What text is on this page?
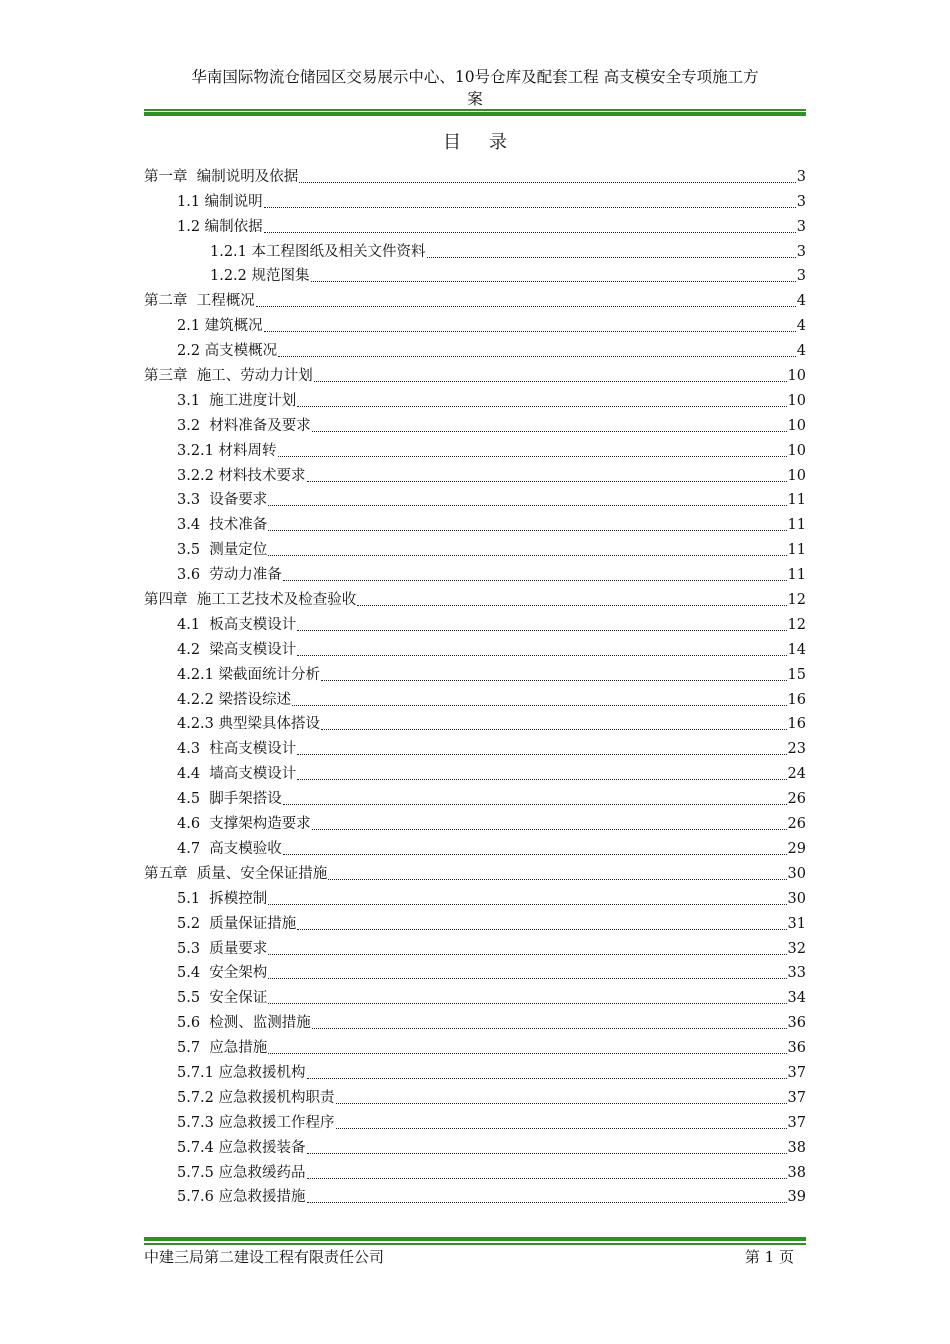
华南国际物流仓储园区交易展示中心、10号仓库及配套工程 高支模安全专项施工方
案
目录
第一章  编制说明及依据	3
1.1 编制说明	3
1.2 编制依据	3
1.2.1 本工程图纸及相关文件资料	3
1.2.2 规范图集	3
第二章  工程概况	4
2.1 建筑概况	4
2.2 高支模概况	4
第三章  施工、劳动力计划	10
3.1  施工进度计划	10
3.2  材料准备及要求	10
3.2.1 材料周转	10
3.2.2 材料技术要求	10
3.3  设备要求	11
3.4  技术准备	11
3.5  测量定位	11
3.6  劳动力准备	11
第四章  施工工艺技术及检查验收	12
4.1  板高支模设计	12
4.2  梁高支模设计	14
4.2.1 梁截面统计分析	15
4.2.2 梁搭设综述	16
4.2.3 典型梁具体搭设	16
4.3  柱高支模设计	23
4.4  墙高支模设计	24
4.5  脚手架搭设	26
4.6  支撑架构造要求	26
4.7  高支模验收	29
第五章  质量、安全保证措施	30
5.1  拆模控制	30
5.2  质量保证措施	31
5.3  质量要求	32
5.4  安全架构	33
5.5  安全保证	34
5.6  检测、监测措施	36
5.7  应急措施	36
5.7.1 应急救援机构	37
5.7.2 应急救援机构职责	37
5.7.3 应急救援工作程序	37
5.7.4 应急救援装备	38
5.7.5 应急救缓药品	38
5.7.6 应急救援措施	39
中建三局第二建设工程有限责任公司	第 1 页
